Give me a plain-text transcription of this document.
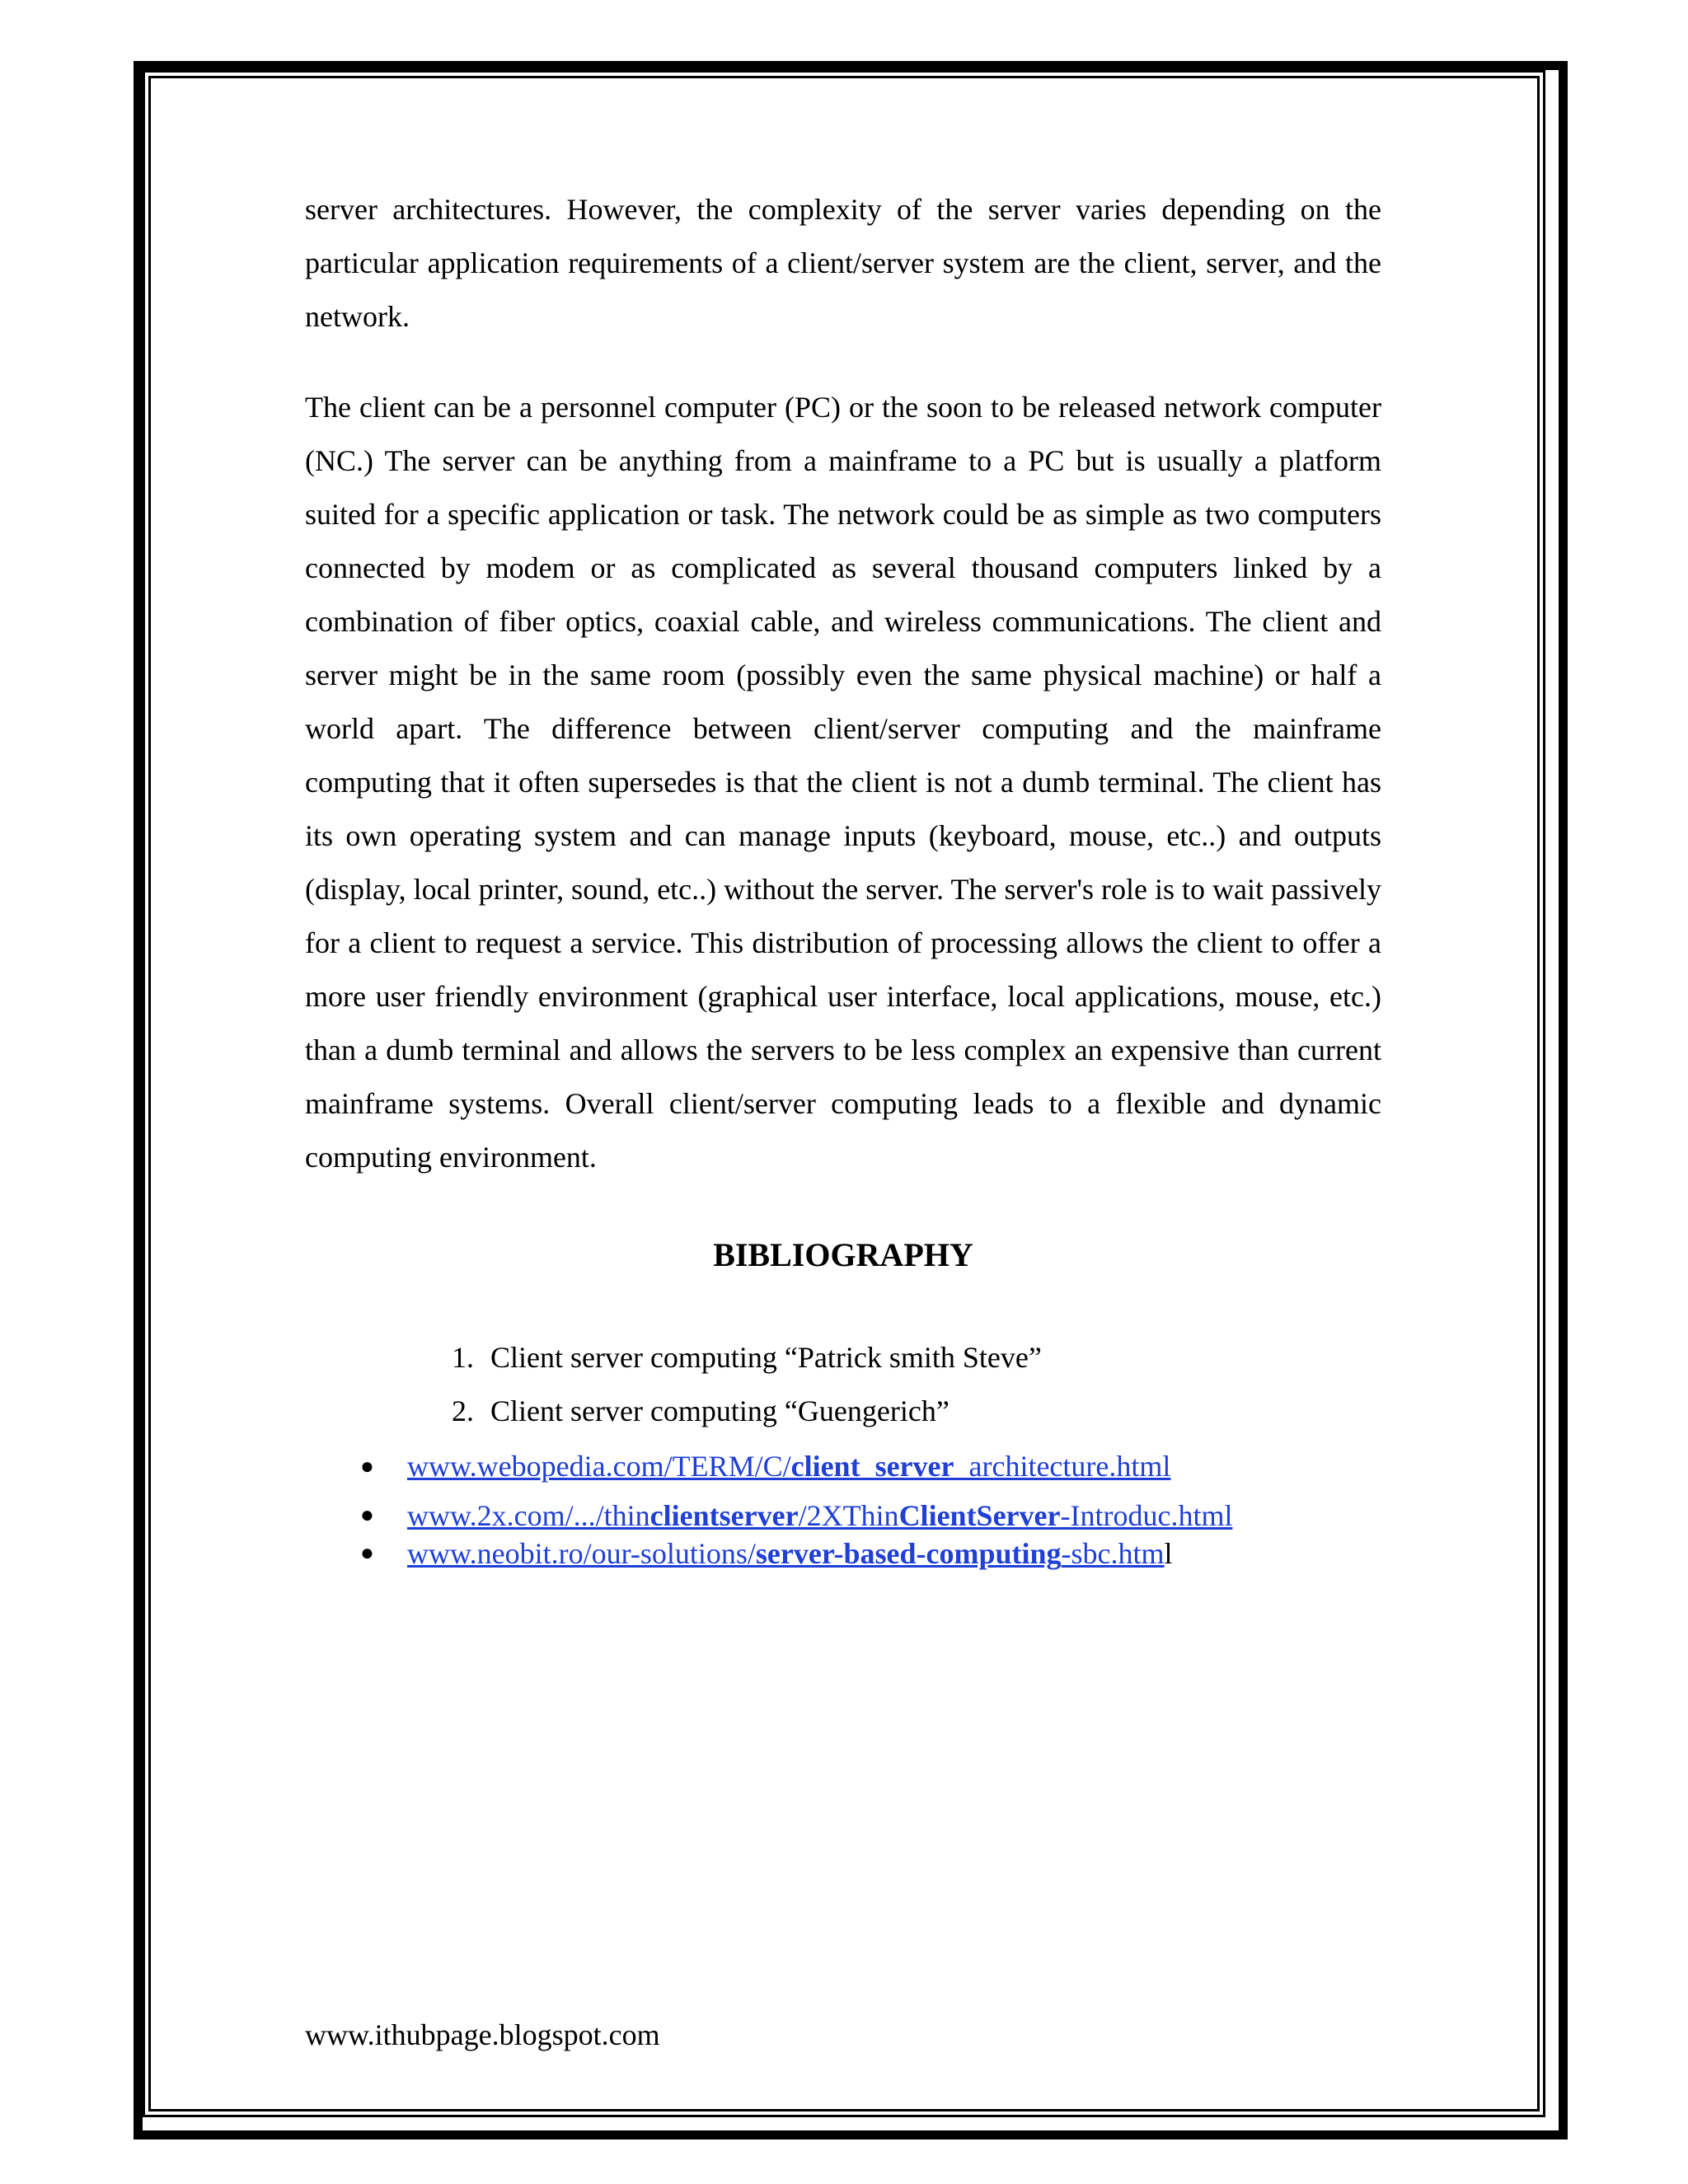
server architectures. However, the complexity of the server varies depending on the particular application requirements of a client/server system are the client, server, and the network.

The client can be a personnel computer (PC) or the soon to be released network computer (NC.) The server can be anything from a mainframe to a PC but is usually a platform suited for a specific application or task. The network could be as simple as two computers connected by modem or as complicated as several thousand computers linked by a combination of fiber optics, coaxial cable, and wireless communications. The client and server might be in the same room (possibly even the same physical machine) or half a world apart. The difference between client/server computing and the mainframe computing that it often supersedes is that the client is not a dumb terminal. The client has its own operating system and can manage inputs (keyboard, mouse, etc..) and outputs (display, local printer, sound, etc..) without the server. The server's role is to wait passively for a client to request a service. This distribution of processing allows the client to offer a more user friendly environment (graphical user interface, local applications, mouse, etc.) than a dumb terminal and allows the servers to be less complex an expensive than current mainframe systems. Overall client/server computing leads to a flexible and dynamic computing environment.

BIBLIOGRAPHY
1. Client server computing “Patrick smith Steve”
2. Client server computing “Guengerich”
● www.webopedia.com/TERM/C/client_server_architecture.html
● www.2x.com/.../thinclientserver/2XThinClientServer-Introduc.html
● www.neobit.ro/our-solutions/server-based-computing-sbc.html
www.ithubpage.blogspot.com
